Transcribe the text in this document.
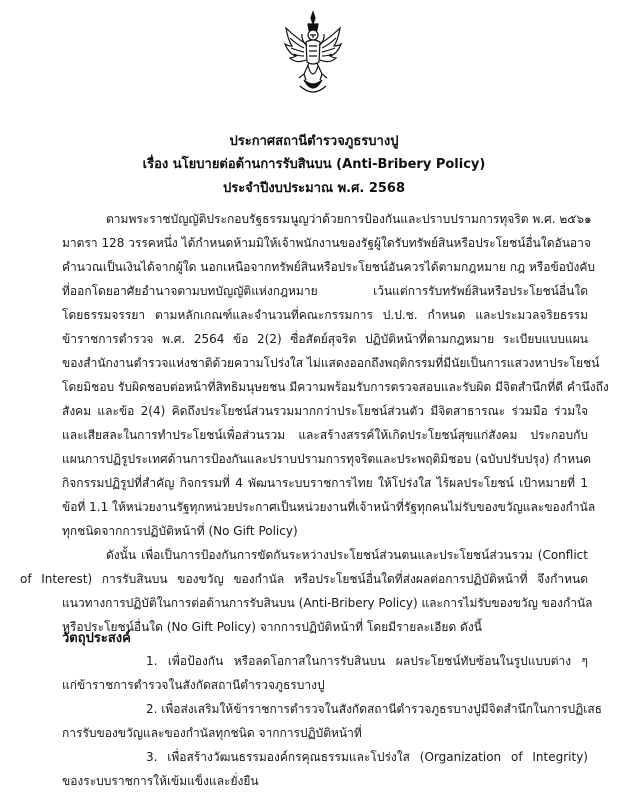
ประกาศสถานีตำรวจภูธรบางปู
เรื่อง นโยบายต่อต้านการรับสินบน (Anti-Bribery Policy)
ประจำปีงบประมาณ พ.ศ. 2568
ตามพระราชบัญญัติประกอบรัฐธรรมนูญว่าด้วยการป้องกันและปราบปรามการทุจริต พ.ศ. ๒๕๖๑
มาตรา 128 วรรคหนึ่ง ได้กำหนดห้ามมิให้เจ้าพนักงานของรัฐผู้ใดรับทรัพย์สินหรือประโยชน์อื่นใดอันอาจ
คำนวณเป็นเงินได้จากผู้ใด นอกเหนือจากทรัพย์สินหรือประโยชน์อันควรได้ตามกฎหมาย กฎ หรือข้อบังคับ
ที่ออกโดยอาศัยอำนาจตามบทบัญญัติแห่งกฎหมาย เว้นแต่การรับทรัพย์สินหรือประโยชน์อื่นใด
โดยธรรมจรรยา ตามหลักเกณฑ์และจำนวนที่คณะกรรมการ ป.ป.ช. กำหนด และประมวลจริยธรรม
ข้าราชการตำรวจ พ.ศ. 2564 ข้อ 2(2) ซื่อสัตย์สุจริต ปฏิบัติหน้าที่ตามกฎหมาย ระเบียบแบบแผน
ของสำนักงานตำรวจแห่งชาติด้วยความโปร่งใส ไม่แสดงออกถึงพฤติกรรมที่มีนัยเป็นการแสวงหาประโยชน์
โดยมิชอบ รับผิดชอบต่อหน้าที่สิทธิมนุษยชน มีความพร้อมรับการตรวจสอบและรับผิด มีจิตสำนึกที่ดี คำนึงถึง
สังคม และข้อ 2(4) คิดถึงประโยชน์ส่วนรวมมากกว่าประโยชน์ส่วนตัว มีจิตสาธารณะ ร่วมมือ ร่วมใจ
และเสียสละในการทำประโยชน์เพื่อส่วนรวม และสร้างสรรค์ให้เกิดประโยชน์สุขแก่สังคม ประกอบกับ
แผนการปฏิรูประเทศด้านการป้องกันและปราบปรามการทุจริตและประพฤติมิชอบ (ฉบับปรับปรุง) กำหนด
กิจกรรมปฏิรูปที่สำคัญ กิจกรรมที่ 4 พัฒนาระบบราชการไทย ให้โปร่งใส ไร้ผลประโยชน์ เป้าหมายที่ 1
ข้อที่ 1.1 ให้หน่วยงานรัฐทุกหน่วยประกาศเป็นหน่วยงานที่เจ้าหน้าที่รัฐทุกคนไม่รับของขวัญและของกำนัล
ทุกชนิดจากการปฏิบัติหน้าที่ (No Gift Policy)
ดังนั้น เพื่อเป็นการป้องกันการขัดกันระหว่างประโยชน์ส่วนตนและประโยชน์ส่วนรวม (Conflict
of Interest) การรับสินบน ของขวัญ ของกำนัล หรือประโยชน์อื่นใดที่ส่งผลต่อการปฏิบัติหน้าที่ จึงกำหนด
แนวทางการปฏิบัติในการต่อต้านการรับสินบน (Anti-Bribery Policy) และการไม่รับของขวัญ ของกำนัล
หรือประโยชน์อื่นใด (No Gift Policy) จากการปฏิบัติหน้าที่ โดยมีรายละเอียด ดังนี้
วัตถุประสงค์
1. เพื่อป้องกัน หรือลดโอกาสในการรับสินบน ผลประโยชน์ทับซ้อนในรูปแบบต่าง ๆ
แก่ข้าราชการตำรวจในสังกัดสถานีตำรวจภูธรบางปู
2. เพื่อส่งเสริมให้ข้าราชการตำรวจในสังกัดสถานีตำรวจภูธรบางปูมีจิตสำนึกในการปฏิเสธ
การรับของขวัญและของกำนัลทุกชนิด จากการปฏิบัติหน้าที่
3. เพื่อสร้างวัฒนธรรมองค์กรคุณธรรมและโปร่งใส (Organization of Integrity)
ของระบบราชการให้เข้มแข็งและยั่งยืน
